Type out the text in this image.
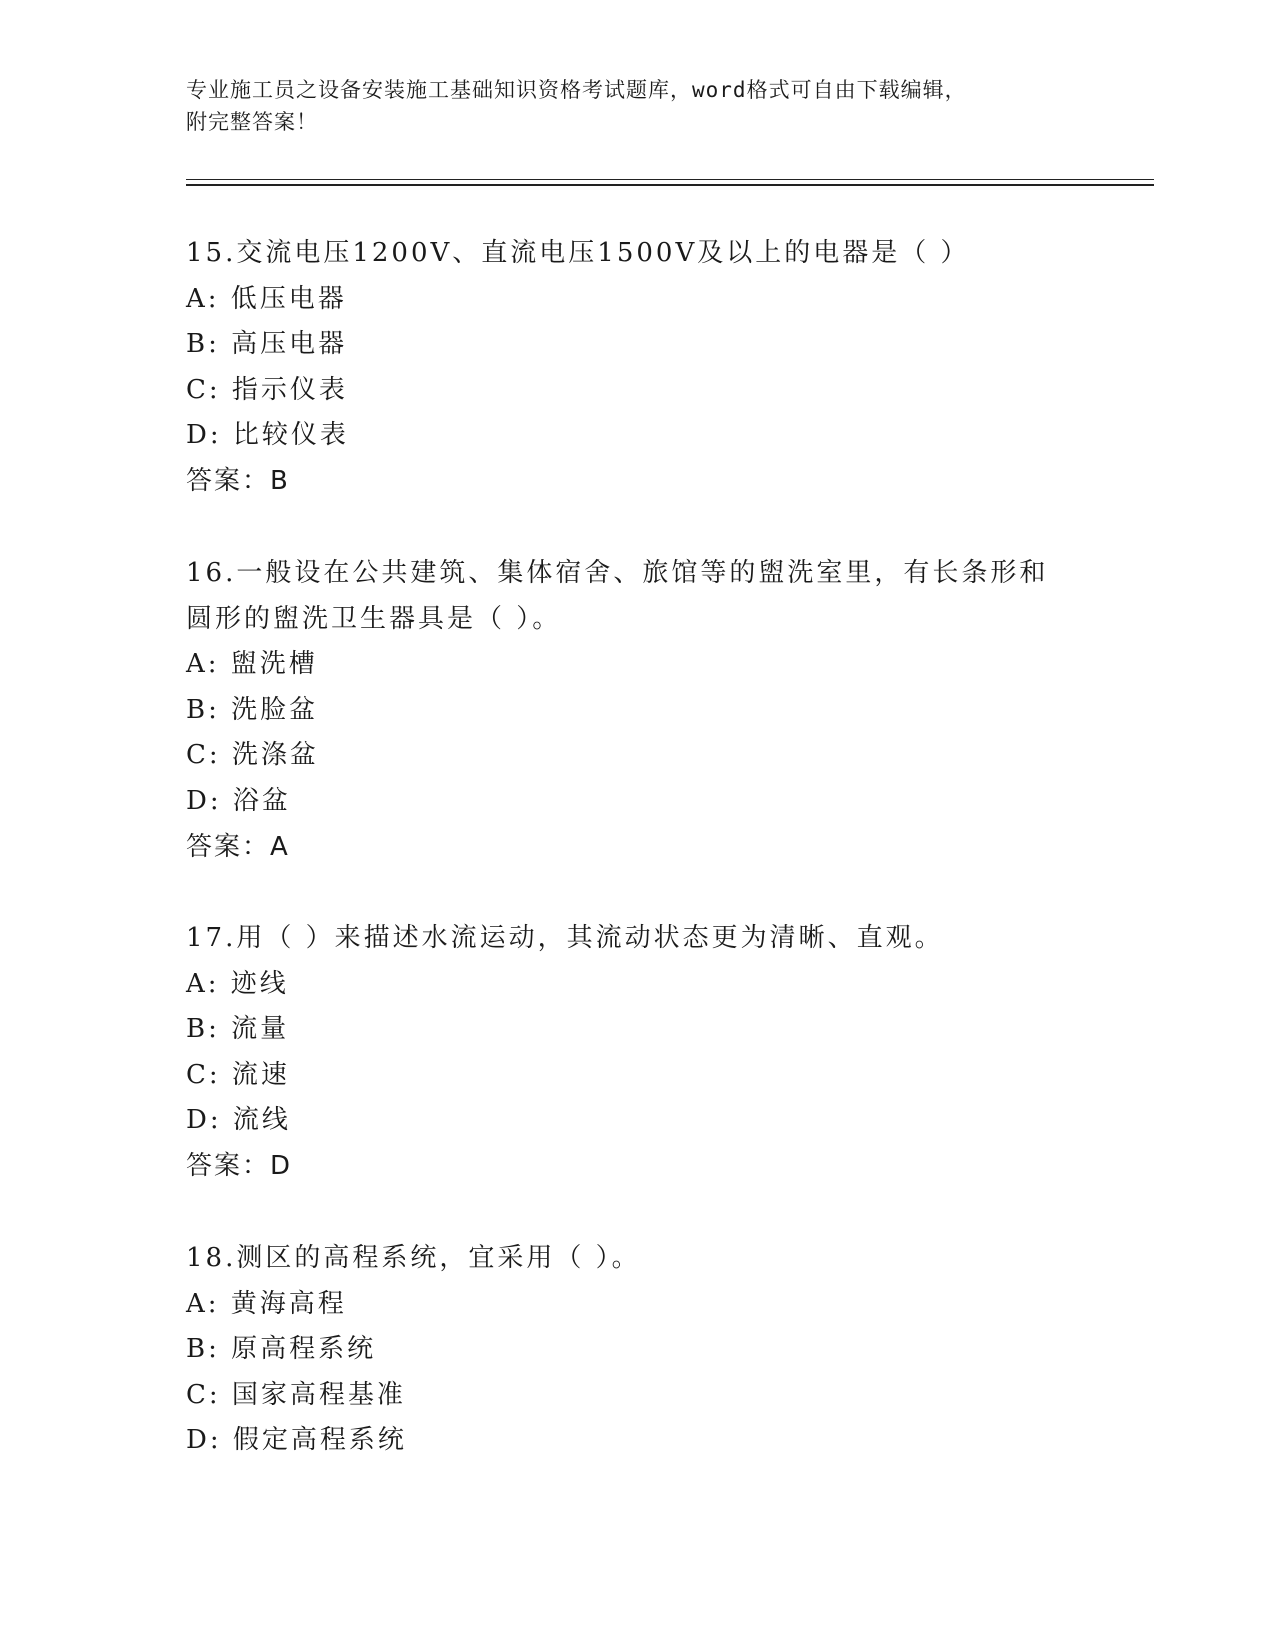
专业施工员之设备安装施工基础知识资格考试题库，word格式可自由下载编辑，
附完整答案！
15.交流电压1200V、直流电压1500V及以上的电器是（ ）
A: 低压电器
B: 高压电器
C: 指示仪表
D: 比较仪表
答案：B
16.一般设在公共建筑、集体宿舍、旅馆等的盥洗室里，有长条形和圆形的盥洗卫生器具是（ ）。
A: 盥洗槽
B: 洗脸盆
C: 洗涤盆
D: 浴盆
答案：A
17.用（ ）来描述水流运动，其流动状态更为清晰、直观。
A: 迹线
B: 流量
C: 流速
D: 流线
答案：D
18.测区的高程系统，宜采用（ ）。
A: 黄海高程
B: 原高程系统
C: 国家高程基准
D: 假定高程系统
